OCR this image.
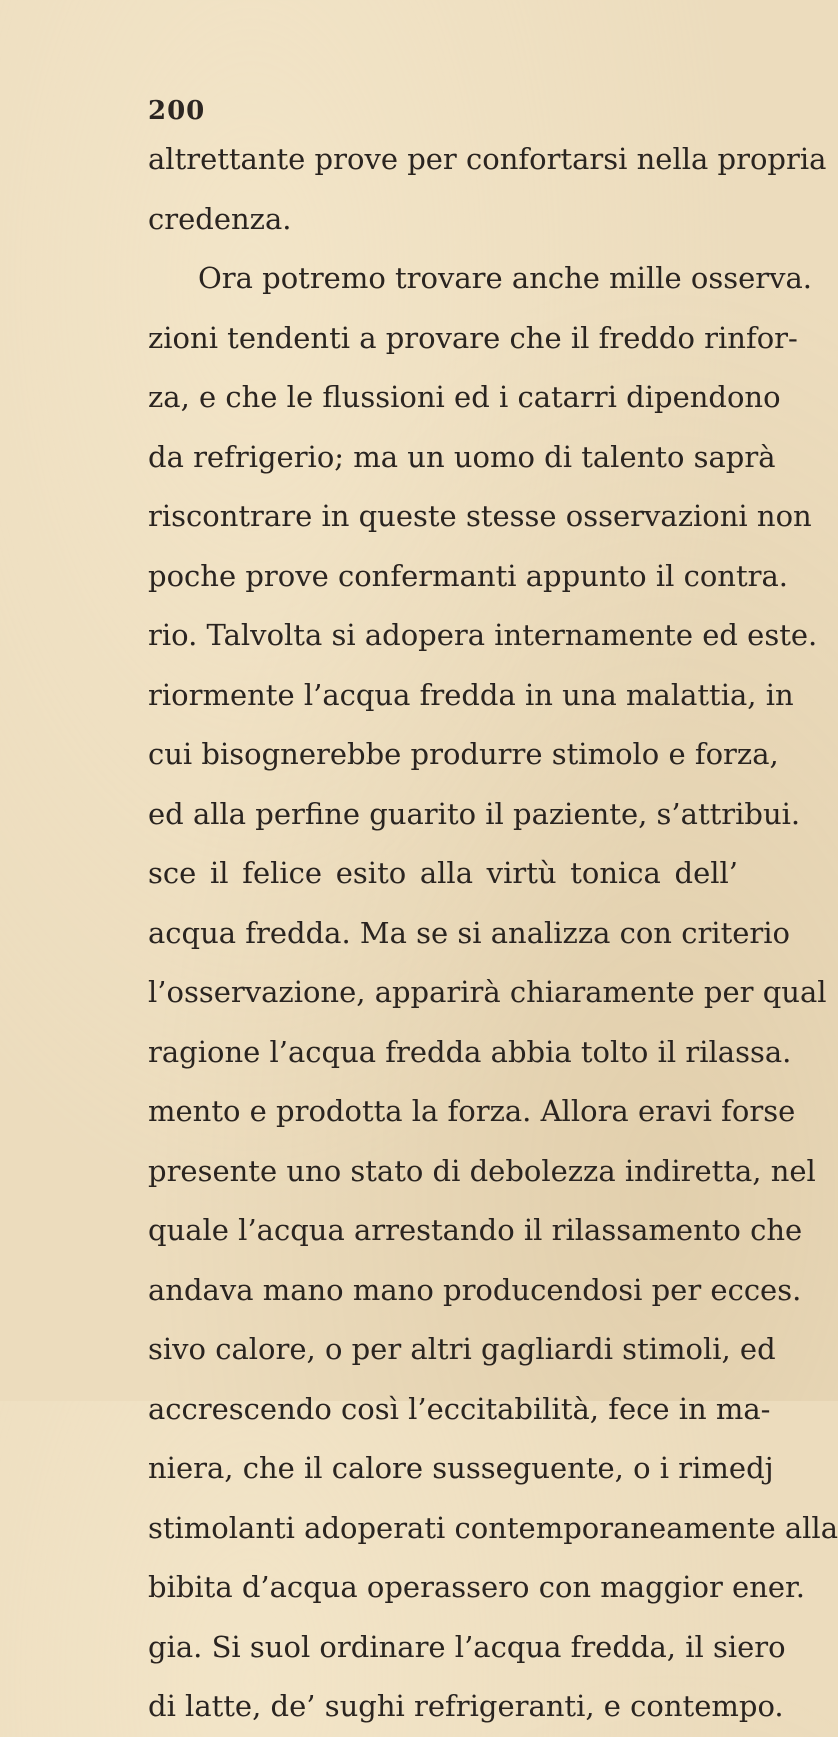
200
altrettante prove per confortarsi nella propria
credenza.
Ora potremo trovare anche mille osserva.
zioni tendenti a provare che il freddo rinfor-
za, e che le flussioni ed i catarri dipendono
da refrigerio; ma un uomo di talento saprà
riscontrare in queste stesse osservazioni non
poche prove confermanti appunto il contra.
rio. Talvolta si adopera internamente ed este.
riormente l’acqua fredda in una malattia, in
cui bisognerebbe produrre stimolo e forza,
ed alla perfine guarito il paziente, s’attribui.
sce il felice esito alla virtù tonica dell’
acqua fredda. Ma se si analizza con criterio
l’osservazione, apparirà chiaramente per qual
ragione l’acqua fredda abbia tolto il rilassa.
mento e prodotta la forza. Allora eravi forse
presente uno stato di debolezza indiretta, nel
quale l’acqua arrestando il rilassamento che
andava mano mano producendosi per ecces.
sivo calore, o per altri gagliardi stimoli, ed
accrescendo così l’eccitabilità, fece in ma-
niera, che il calore susseguente, o i rimedj
stimolanti adoperati contemporaneamente alla
bibita d’acqua operassero con maggior ener.
gia. Si suol ordinare l’acqua fredda, il siero
di latte, de’ sughi refrigeranti, e contempo.
